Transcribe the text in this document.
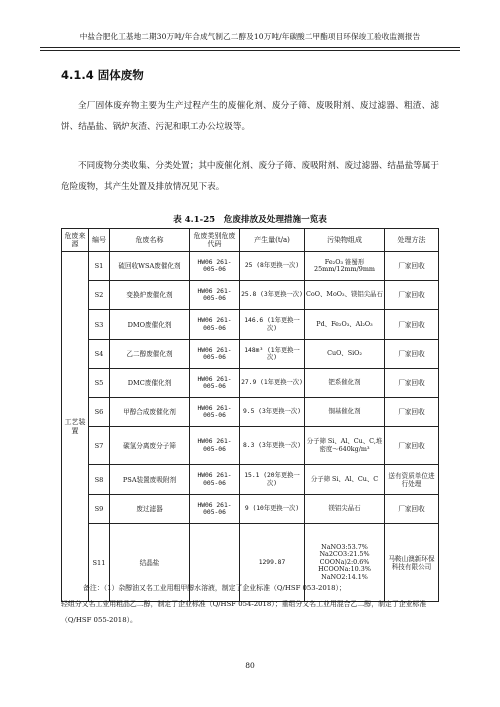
中盐合肥化工基地二期30万吨/年合成气制乙二醇及10万吨/年碳酸二甲酯项目环保竣工验收监测报告
4.1.4 固体废物
全厂固体废弃物主要为生产过程产生的废催化剂、废分子筛、废吸附剂、废过滤器、粗渣、滤饼、结晶盐、锅炉灰渣、污泥和职工办公垃圾等。
不同废物分类收集、分类处置；其中废催化剂、废分子筛、废吸附剂、废过滤器、结晶盐等属于危险废物，其产生处置及排放情况见下表。
表 4.1-25　危废排放及处理措施一览表
危废来源	编号	危废名称	危废类别危废代码	产生量(t/a)	污染物组成	处理方法
工艺装置	S1	硫回收WSA废催化剂	HW06 261-005-06	25 (8年更换一次)	Fe₂O₃ 锥蜀形 25mm/12mm/9mm	厂家回收
	S2	变换炉废催化剂	HW06 261-005-06	25.8 (3年更换一次)	CoO、MoO₃、镁铝尖晶石	厂家回收
	S3	DMO废催化剂	HW06 261-005-06	146.6 (1年更换一次)	Pd、Fe₂O₃、Al₂O₃	厂家回收
	S4	乙二醇废催化剂	HW06 261-005-06	148m³ (1年更换一次)	CuO、SiO₂	厂家回收
	S5	DMC废催化剂	HW06 261-005-06	27.9 (1年更换一次)	钯系催化剂	厂家回收
	S6	甲醇合成废催化剂	HW06 261-005-06	9.5 (3年更换一次)	铜基催化剂	厂家回收
	S7	碳氢分离废分子筛	HW06 261-005-06	8.3 (3年更换一次)	分子筛 Si、Al、Cu、C,堆密度～640kg/m³	厂家回收
	S8	PSA装置废吸附剂	HW06 261-005-06	15.1 (20年更换一次)	分子筛 Si、Al、Cu、C	送有资质单位进行处理
	S9	废过滤器	HW06 261-005-06	9 (10年更换一次)	镁铝尖晶石	厂家回收
	S11	结晶盐		1299.87	NaNO3:53.7% Na2CO3:21.5% COONa)2:0.6% HCOONa:10.3% NaNO2:14.1%	马鞍山澳新环保科技有限公司
备注：（1）杂醇油又名工业用粗甲醇水溶液，制定了企业标准（Q/HSF 053-2018）；
轻组分又名工业用粗品乙二醇，制定了企业标准（Q/HSF 054-2018）；重组分又名工业用混合乙二醇，制定了企业标准（Q/HSF 055-2018）。
80
